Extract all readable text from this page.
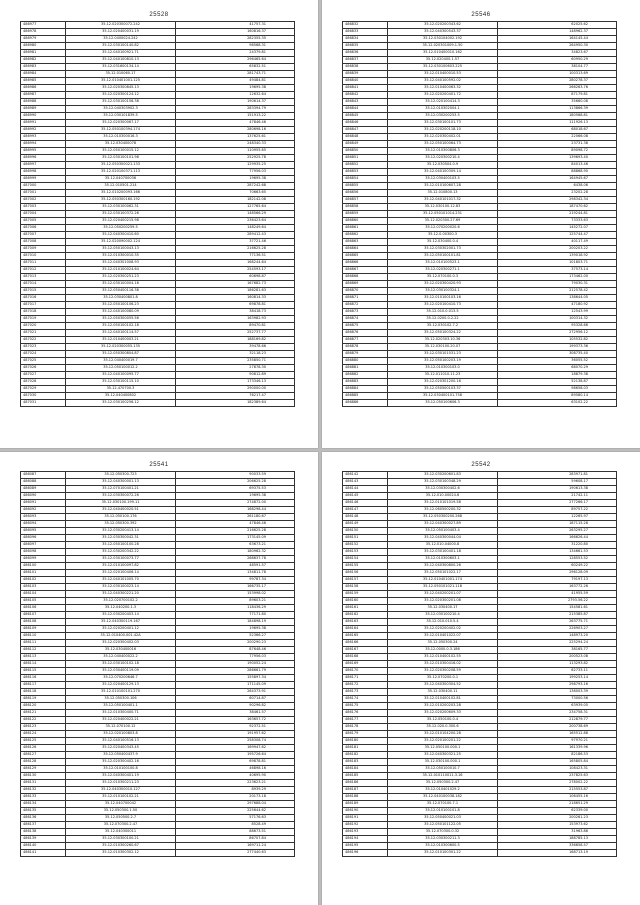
25528
486977	35.12.020300072.242	41757.31
486978	35.12.020400031.19	160816.37
486979	35.12.0400024.242	282355.35
486980	35.12.030100140.82	98568.31
486981	35.12.040100921.71	24379.81
486982	35.12.040100810.13	296465.64
486983	35.12.031600134.14	65832.51
486984	35.12.010060.17	281743.71
486985	35.12.010401001.125	49484.81
486986	35.12.020300845.13	19695.38
486987	35.12.020300124.12	12632.64
486988	35.12.030100156.38	190614.37
486989	35.12.040303902.3	283394.79
486990	35.12.030101839.5	151913.22
486991	35.12.020300067.17	47846.46
486992	35.12.050100394.174	280698.16
486993	35.12.010300016.3	137625.61
486994	35.12.030400078	248340.33
486995	35.12.050100015.12	110955.65
486996	35.12.030100101.98	252925.78
486997	35.12.050300021.133	129935.25
486998	35.12.020100371.113	77956.03
486999	35.12.040700036	19695.38
487000	35.12.010501.214	287242.68
487001	35.12.010200093.166	70663.65
487002	35.12.050300160.192	182142.08
487003	35.12.030100062.31	127765.64
487004	35.12.030100372.26	148566.29
487005	35.12.020400215.98	236423.64
487006	35.12.050200259.5	148249.64
487007	35.12.040300410.60	289412.43
487008	35.12.020090002.124	37721.46
487009	35.12.050100043.13	216625.28
487010	35.12.010300010.35	77136.51
487011	35.12.040301008.93	168244.64
487012	35.12.010100024.64	254593.17
487013	35.12.020300251.23	60698.87
487014	35.12.030100004.16	167682.73
487015	35.12.050400116.38	186281.63
487016	35.12.030400801.8	160814.33
487017	35.12.050100106.23	69878.81
487018	35.12.040100080.09	38418.73
487019	35.12.050300055.56	163982.93
487020	35.12.050100102.18	89470.81
487021	35.12.040100114.57	252737.77
487022	35.12.010400003.21	188169.82
487023	35.12.020300055.135	39478.66
487024	35.12.050300804.87	32118.23
487025	35.12.040400019.7	235850.71
487026	35.12.050100012.2	27878.30
487027	35.12.040100095.77	90812.89
487028	35.12.030100115.10	173346.13
487029	35.12.470700.3	290000.00
487030	35.12.040400802	76217.47
487031	35.12.030100256.12	182389.64
25546
486832	35.12.020200343.62	62025.62
486833	35.12.040300543.37	148962.37
486834	35.12.030104002.192	164145.44
486835	35.12.020301009.1.50	264950.30
486836	35.12.010400010.162	34823.67
486837	35.12.020400.1.57	60950.29
486838	35.12.030100603.225	38104.77
486839	35.12.010400010.53	100313.69
486840	35.12.040100592.02	280278.37
486841	35.12.010400063.32	266263.76
486842	35.12.020200401.72	87179.81
486843	35.12.020100414.3	35660.08
486844	35.12.010302004.1	113866.39
486845	35.12.030200253.5	180568.81
486846	35.12.030100101.73	111926.13
486847	35.12.020200118.10	68018.67
486848	35.12.020300402.01	22066.08
486849	35.12.050100064.73	23731.38
486850	35.12.010300806.3	89098.72
486851	35.12.020300210.4	139693.40
486852	35.12.030504.0.9	84013.46
486853	35.12.040100309.14	88868.90
486854	35.12.030400103.5	164945.67
486855	35.12.010100607.28	6438.06
486856	35.12.010800.13	23202.28
486857	35.12.040101017.32	298342.34
486858	35.12.030100.12.83	187470.62
486859	35.12.050101014.231	219244.81
486860	35.12.020300.27.69	73333.63
486861	35.12.070200020.6	145272.07
486862	35.12.0.00300.3	125744.47
486863	35.12.030400.0.4	40117.49
486864	35.12.030302001.73	200203.22
486865	35.12.050100101.81	139018.92
486866	35.12.010100523.1	101803.71
486867	35.12.020300271.1	37573.14
486868	35.12.070100.0.3	173462.00
486869	35.12.020300420.93	79030.31
486870	35.12.030100324.1	212578.42
486871	35.12.010100103.16	138644.05
486872	35.12.020100410.73	47180.92
486873	35.12.010.0.013.5	12543.99
486874	35.12.0200.0.2.22	100314.32
486875	35.12.030102.7.2	95328.66
486876	35.12.050100324.22	272956.12
486877	35.12.020303.10.36	105532.82
486878	35.12.030100.20.07	199373.36
486879	35.12.030101031.23	308735.40
486880	35.12.050100203.19	36055.52
486881	35.12.010300103.0	68070.29
486882	35.12.011010.11.23	18879.38
486883	35.12.020301200.16	52138.87
486884	35.12.050500103.37	98658.03
486885	35.12.030400101.758	89580.14
486886	35.12.050100606.3	63102.22
25541
486087	35.12.050300.723	90033.59
486088	35.12.040300001.13	206625.28
486089	35.12.070100401.21	69375.53
486090	35.12.030300072.26	19695.38
486091	35.12.030100.199.11	274872.00
486092	35.12.040400020.51	168298.44
486093	35.12.050100.176	261180.67
486094	35.12.050300.392	47846.46
486095	35.12.030200413.14	216625.28
486096	35.12.030300042.31	173145.09
486097	35.12.050100100.28	63673.21
486098	35.12.030200342.22	180962.32
486099	35.12.030100073.77	268637.78
486100	35.12.010100097.82	48591.57
486101	35.12.020100406.14	134811.78
486102	35.12.040101005.70	99787.34
486103	35.12.030100023.14	166735.17
486104	35.12.040300221.20	153998.02
486105	35.12.020700102.2	89603.21
486106	35.12.040200.1.3	118436.29
486107	35.12.030200403.14	77171.80
486108	35.12.040300119.167	184898.19
486109	35.12.020200401.12	19695.38
486110	35.12.010400.001.42A	52366.27
486111	35.12.020300402.03	200290.23
486112	35.12.030400016	87648.46
486113	35.12.040400022.2	77956.03
486114	35.12.030100102.18	190052.24
486115	35.12.030400119.09	286661.79
486116	35.12.070200646.7	155897.34
486117	35.12.020400129.13	171145.09
486118	35.12.010100101.270	264373.91
486119	35.12.050300.106	60714.87
486120	35.12.050100401.1	90296.82
486121	35.12.010300400.71	38461.57
486122	35.12.020400022.21	163657.72
486123	35.12.070100.12	92372.51
486124	35.12.020100803.8	191957.62
486125	35.12.040100516.13	258308.74
486126	35.12.020400343.45	169947.62
486127	35.12.050400437.9	195726.64
486128	35.12.020300402.16	69878.81
486129	35.12.010100100.8	46898.16
486130	35.12.040300401.19	40695.90
486131	35.12.010300211.23	223623.21
486132	35.12.040300010.127	8939.29
486133	35.12.010100102.21	20173.18
486134	35.12.040700042	297688.04
486135	35.12.050300.1.50	225644.62
486136	35.12.050500.2.7	57176.63
486137	35.12.070300.2.47	8528.49
486138	35.12.040300011	88673.51
486139	35.12.030300100.21	86707.84
486140	35.12.010300260.67	169711.24
486141	35.12.010300302.12	277440.63
25542
486142	35.12.030200601.83	283971.81
486143	35.12.030100348.29	59608.17
486144	35.12.030300402.6	190613.38
486145	35.12.010.00024.6	21742.11
486146	35.12.010101019.58	277266.17
486147	35.12.060500200.32	89757.22
486148	35.12.050300200.268	12265.97
486149	35.12.040300027.89	187115.28
486150	35.12.050100403.4	263295.27
486151	35.12.040300044.04	166626.44
486152	35.12.010.04000.8	31220.80
486153	35.12.030100401.18	134661.53
486154	35.12.010300603.1	128553.52
486155	35.12.040300800.26	60249.22
486156	35.12.050101022.17	296128.09
486157	35.12.010401001.174	79197.13
486158	35.12.050101021.118	163772.26
486159	35.12.040200201.07	41955.59
486160	35.12.020300201.08	2793.56.22
486161	35.12.030400.17	154581.61
486162	35.12.030100210.4	215385.87
486163	35.12.010.010.5.4	263775.71
486164	35.12.020200402.02	226903.27
486165	35.12.010401022.07	148973.20
486166	35.12.050300.24	225294.24
486167	35.12.0000.0.3.186	38165.77
486168	35.12.010400102.55	200523.08
486169	35.12.010300416.02	113293.82
486170	35.12.020300208.59	62733.11
486171	35.12.070200.0.1	199253.14
486172	35.12.040300304.52	298793.16
486173	35.12.030400.11	138003.39
486174	35.12.010400102.81	73000.56
486175	35.12.010200203.28	63939.05
486176	35.12.020200609.33	234758.31
486177	35.12.050100.0.4	212879.77
486178	35.12.020.0.300.6	200738.69
486179	35.12.010104200.28	165512.88
486180	35.12.020100201.22	97970.21
486181	35.12.050100.000.1	161339.96
486182	35.12.040300321.25	82186.53
486183	35.12.030100.000.1	165805.84
486184	35.12.050100010.7	108423.31
486185	35.12.010110011.3.16	237825.63
486186	35.12.050300.2.47	278002.22
486187	35.12.010401029.2	215553.87
486188	35.12.040100038.182	106455.16
486189	35.12.070100.7.1	218651.29
486190	35.12.010100101.8	62339.00
486191	35.12.050400021.03	200261.23
486192	35.12.050101122.05	153973.62
486193	35.12.070300.0.32	31963.86
486194	35.12.030300211.3	188785.13
486195	35.12.010300600.5	336658.57
486196	35.12.010100301.22	168713.19
